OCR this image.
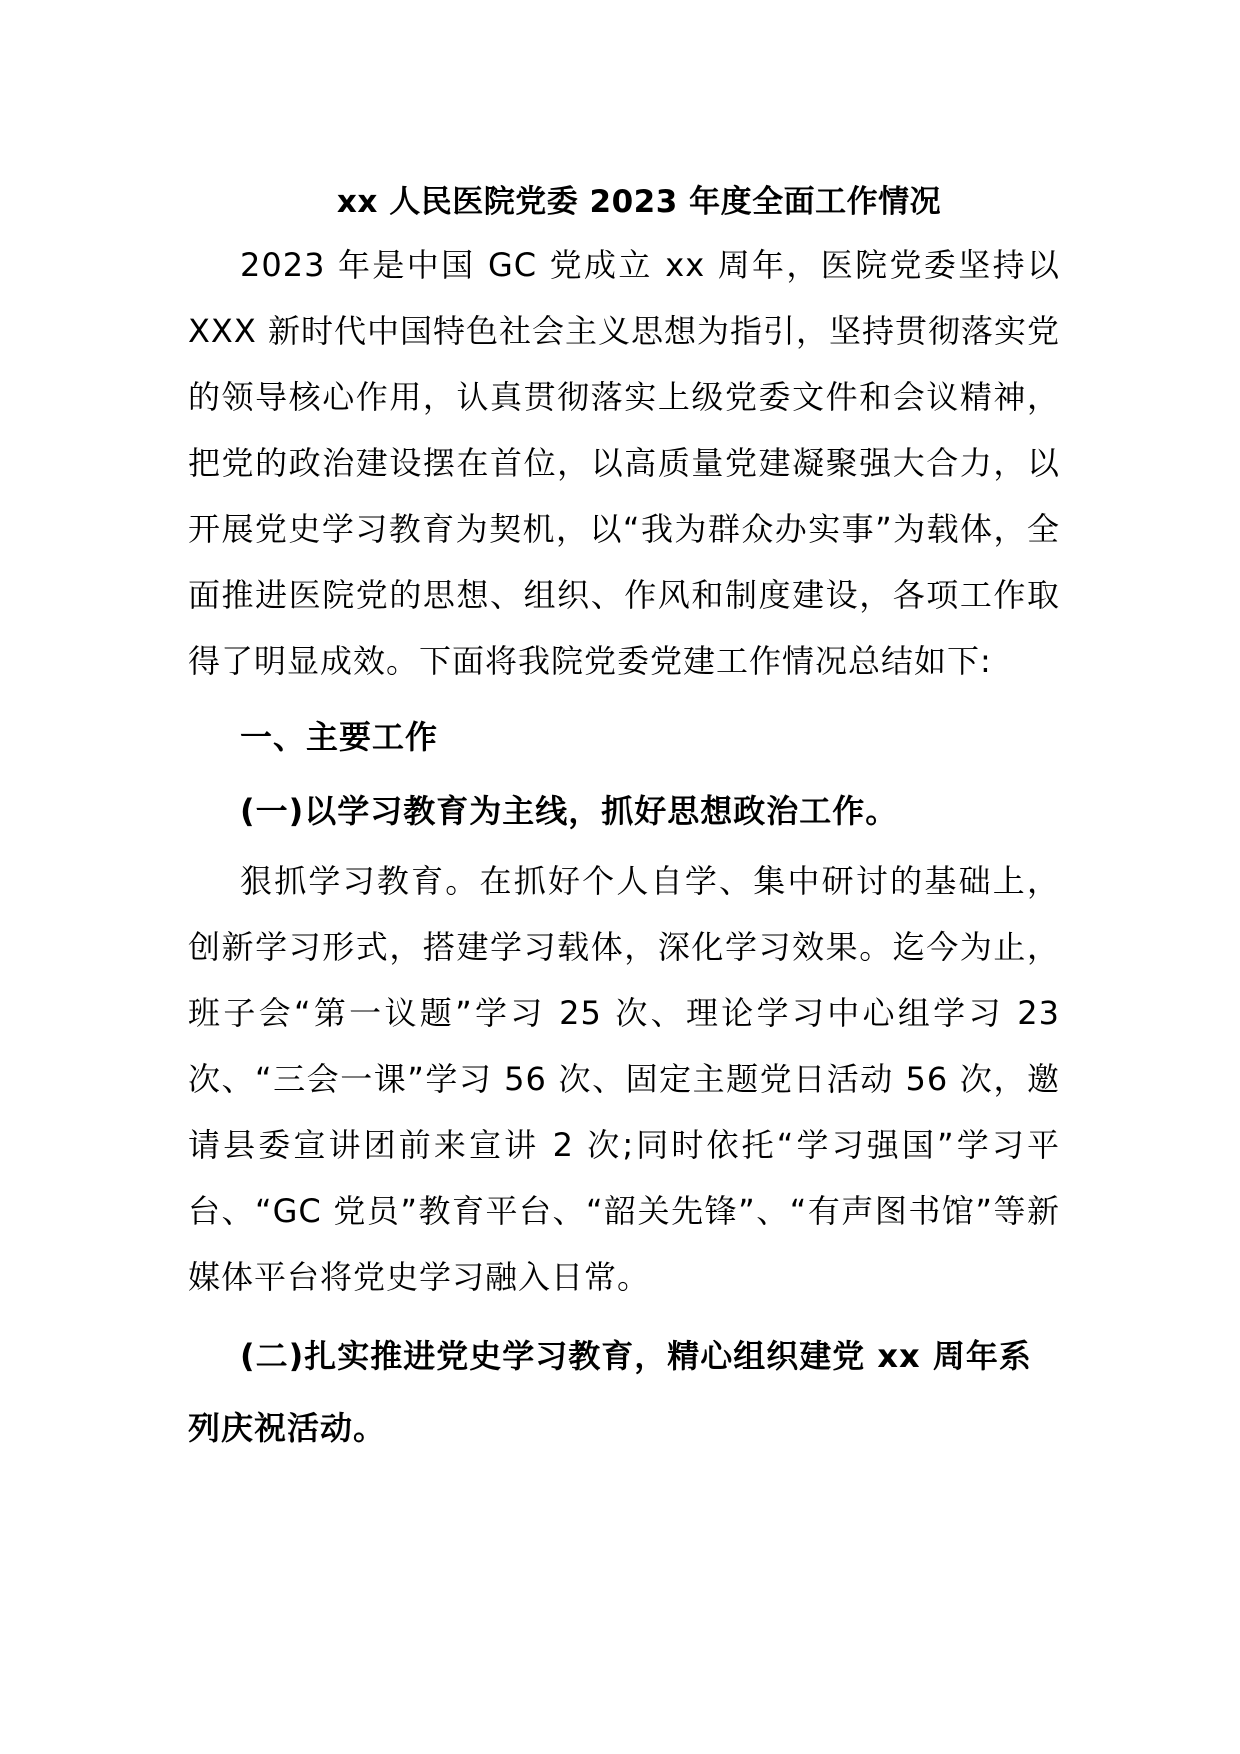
xx 人民医院党委 2023 年度全面工作情况

2023 年是中国 GC 党成立 xx 周年，医院党委坚持以 XXX 新时代中国特色社会主义思想为指引，坚持贯彻落实党的领导核心作用，认真贯彻落实上级党委文件和会议精神，把党的政治建设摆在首位，以高质量党建凝聚强大合力，以开展党史学习教育为契机，以“我为群众办实事”为载体，全面推进医院党的思想、组织、作风和制度建设，各项工作取得了明显成效。下面将我院党委党建工作情况总结如下:

一、主要工作

(一)以学习教育为主线，抓好思想政治工作。

狠抓学习教育。在抓好个人自学、集中研讨的基础上，创新学习形式，搭建学习载体，深化学习效果。迄今为止，班子会“第一议题”学习 25 次、理论学习中心组学习 23 次、“三会一课”学习 56 次、固定主题党日活动 56 次，邀请县委宣讲团前来宣讲 2 次;同时依托“学习强国”学习平台、“GC 党员”教育平台、“韶关先锋”、“有声图书馆”等新媒体平台将党史学习融入日常。

(二)扎实推进党史学习教育，精心组织建党 xx 周年系列庆祝活动。
